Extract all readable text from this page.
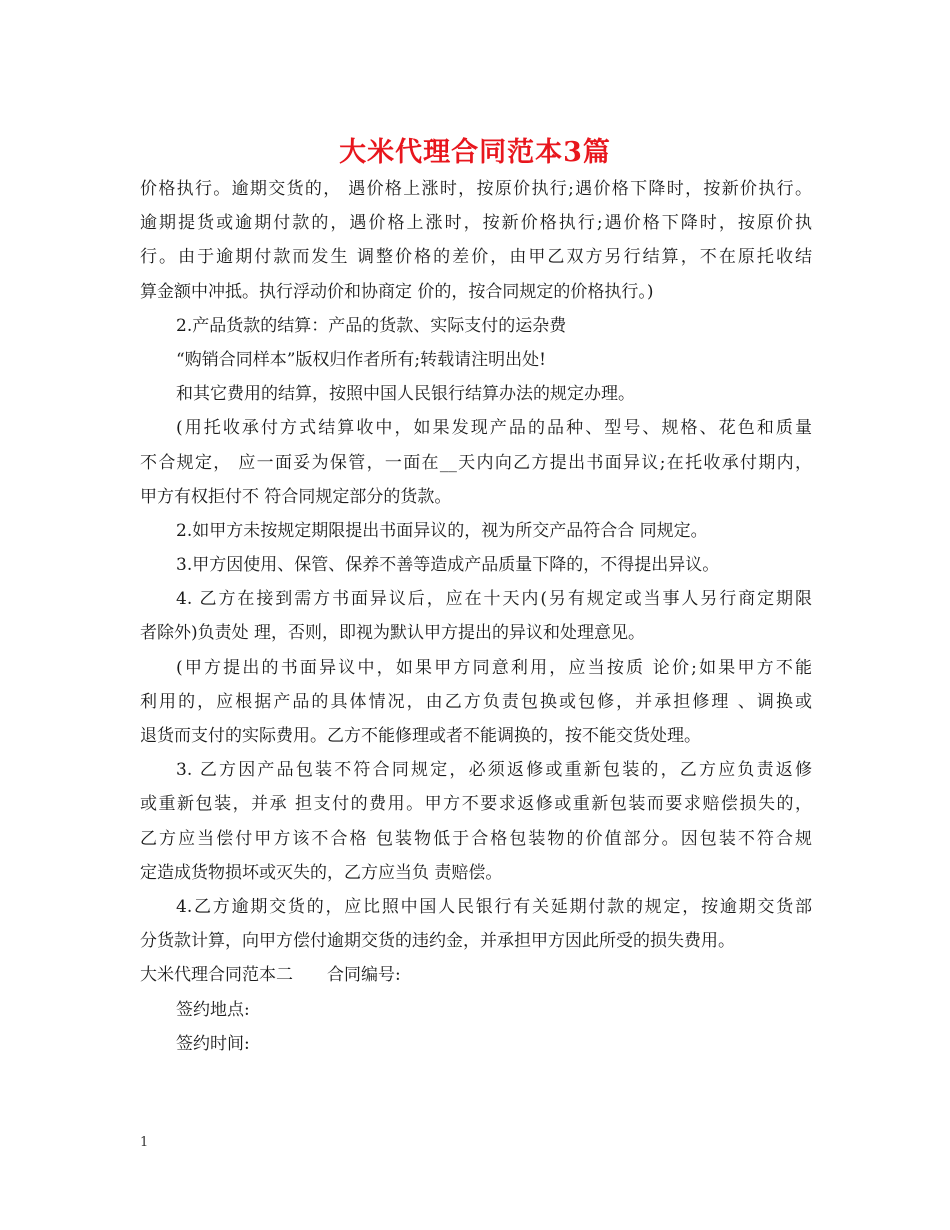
大米代理合同范本3篇
价格执行。逾期交货的， 遇价格上涨时，按原价执行;遇价格下降时，按新价执行。
逾期提货或逾期付款的，遇价格上涨时，按新价格执行;遇价格下降时，按原价执
行。由于逾期付款而发生 调整价格的差价，由甲乙双方另行结算，不在原托收结
算金额中冲抵。执行浮动价和协商定 价的，按合同规定的价格执行。)
2.产品货款的结算：产品的货款、实际支付的运杂费
“购销合同样本”版权归作者所有;转载请注明出处!
和其它费用的结算，按照中国人民银行结算办法的规定办理。
(用托收承付方式结算收中，如果发现产品的品种、型号、规格、花色和质量
不合规定， 应一面妥为保管，一面在__天内向乙方提出书面异议;在托收承付期内，
甲方有权拒付不 符合同规定部分的货款。
2.如甲方未按规定期限提出书面异议的，视为所交产品符合合 同规定。
3.甲方因使用、保管、保养不善等造成产品质量下降的，不得提出异议。
4. 乙方在接到需方书面异议后，应在十天内(另有规定或当事人另行商定期限
者除外)负责处 理，否则，即视为默认甲方提出的异议和处理意见。
(甲方提出的书面异议中，如果甲方同意利用，应当按质 论价;如果甲方不能
利用的，应根据产品的具体情况，由乙方负责包换或包修，并承担修理 、调换或
退货而支付的实际费用。乙方不能修理或者不能调换的，按不能交货处理。
3. 乙方因产品包装不符合同规定，必须返修或重新包装的，乙方应负责返修
或重新包装，并承 担支付的费用。甲方不要求返修或重新包装而要求赔偿损失的，
乙方应当偿付甲方该不合格 包装物低于合格包装物的价值部分。因包装不符合规
定造成货物损坏或灭失的，乙方应当负 责赔偿。
4.乙方逾期交货的，应比照中国人民银行有关延期付款的规定，按逾期交货部
分货款计算，向甲方偿付逾期交货的违约金，并承担甲方因此所受的损失费用。
大米代理合同范本二　　合同编号:
签约地点:
签约时间:
1
